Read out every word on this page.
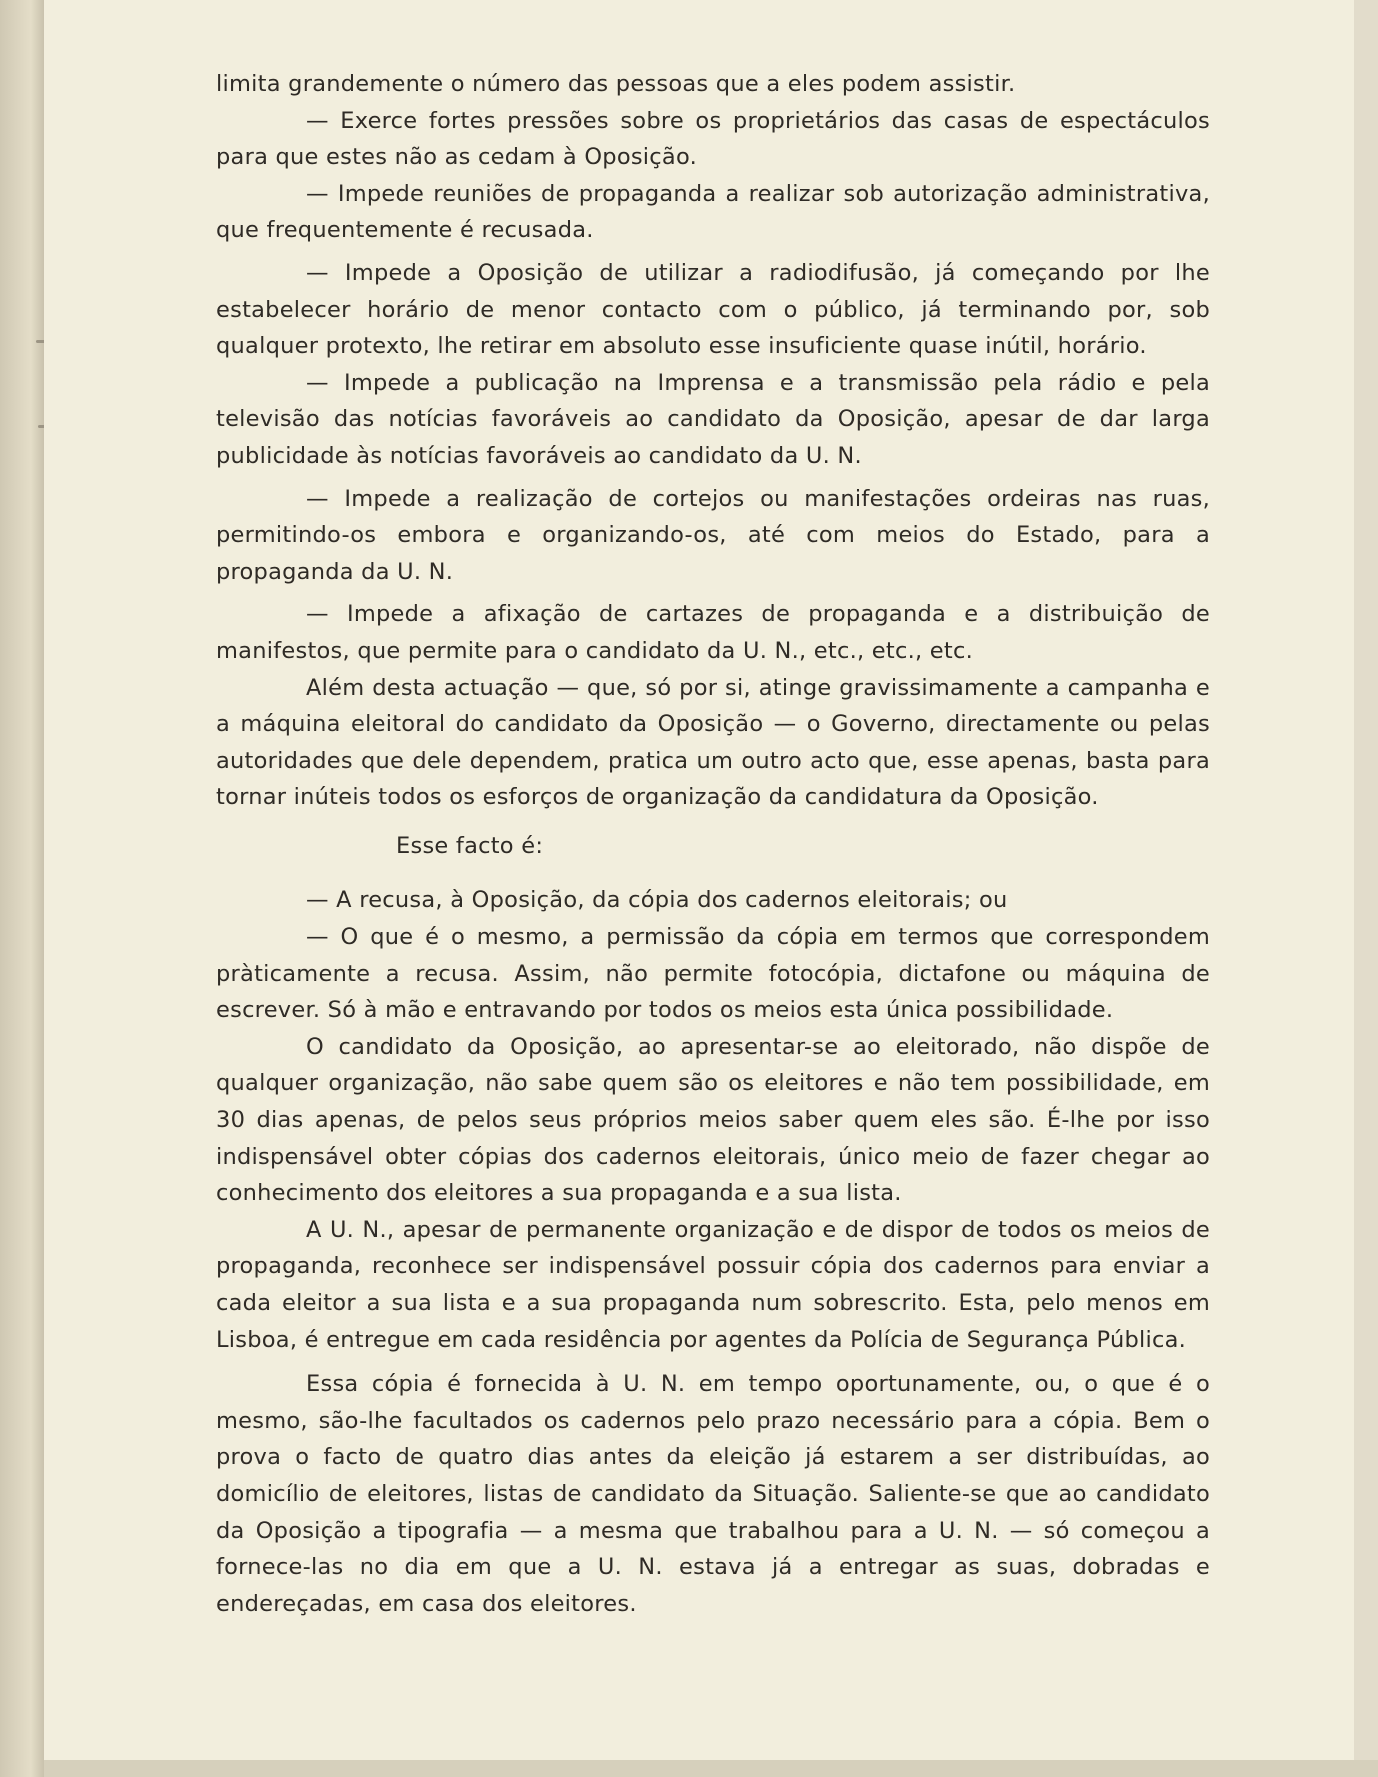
limita grandemente o número das pessoas que a eles podem assistir.

— Exerce fortes pressões sobre os proprietários das casas de espectáculos para que estes não as cedam à Oposição.

— Impede reuniões de propaganda a realizar sob autorização administrativa, que frequentemente é recusada.

— Impede a Oposição de utilizar a radiodifusão, já começando por lhe estabelecer horário de menor contacto com o público, já terminando por, sob qualquer protexto, lhe retirar em absoluto esse insuficiente quase inútil, horário.

— Impede a publicação na Imprensa e a transmissão pela rádio e pela televisão das notícias favoráveis ao candidato da Oposição, apesar de dar larga publicidade às notícias favoráveis ao candidato da U. N.

— Impede a realização de cortejos ou manifestações ordeiras nas ruas, permitindo-os embora e organizando-os, até com meios do Estado, para a propaganda da U. N.

— Impede a afixação de cartazes de propaganda e a distribuição de manifestos, que permite para o candidato da U. N., etc., etc., etc.

Além desta actuação — que, só por si, atinge gravissimamente a campanha e a máquina eleitoral do candidato da Oposição — o Governo, directamente ou pelas autoridades que dele dependem, pratica um outro acto que, esse apenas, basta para tornar inúteis todos os esforços de organização da candidatura da Oposição.

Esse facto é:

— A recusa, à Oposição, da cópia dos cadernos eleitorais; ou

— O que é o mesmo, a permissão da cópia em termos que correspondem pràticamente a recusa. Assim, não permite fotocópia, dictafone ou máquina de escrever. Só à mão e entravando por todos os meios esta única possibilidade.

O candidato da Oposição, ao apresentar-se ao eleitorado, não dispõe de qualquer organização, não sabe quem são os eleitores e não tem possibilidade, em 30 dias apenas, de pelos seus próprios meios saber quem eles são. É-lhe por isso indispensável obter cópias dos cadernos eleitorais, único meio de fazer chegar ao conhecimento dos eleitores a sua propaganda e a sua lista.

A U. N., apesar de permanente organização e de dispor de todos os meios de propaganda, reconhece ser indispensável possuir cópia dos cadernos para enviar a cada eleitor a sua lista e a sua propaganda num sobrescrito. Esta, pelo menos em Lisboa, é entregue em cada residência por agentes da Polícia de Segurança Pública.

Essa cópia é fornecida à U. N. em tempo oportunamente, ou, o que é o mesmo, são-lhe facultados os cadernos pelo prazo necessário para a cópia. Bem o prova o facto de quatro dias antes da eleição já estarem a ser distribuídas, ao domicílio de eleitores, listas de candidato da Situação. Saliente-se que ao candidato da Oposição a tipografia — a mesma que trabalhou para a U. N. — só começou a fornece-las no dia em que a U. N. estava já a entregar as suas, dobradas e endereçadas, em casa dos eleitores.
